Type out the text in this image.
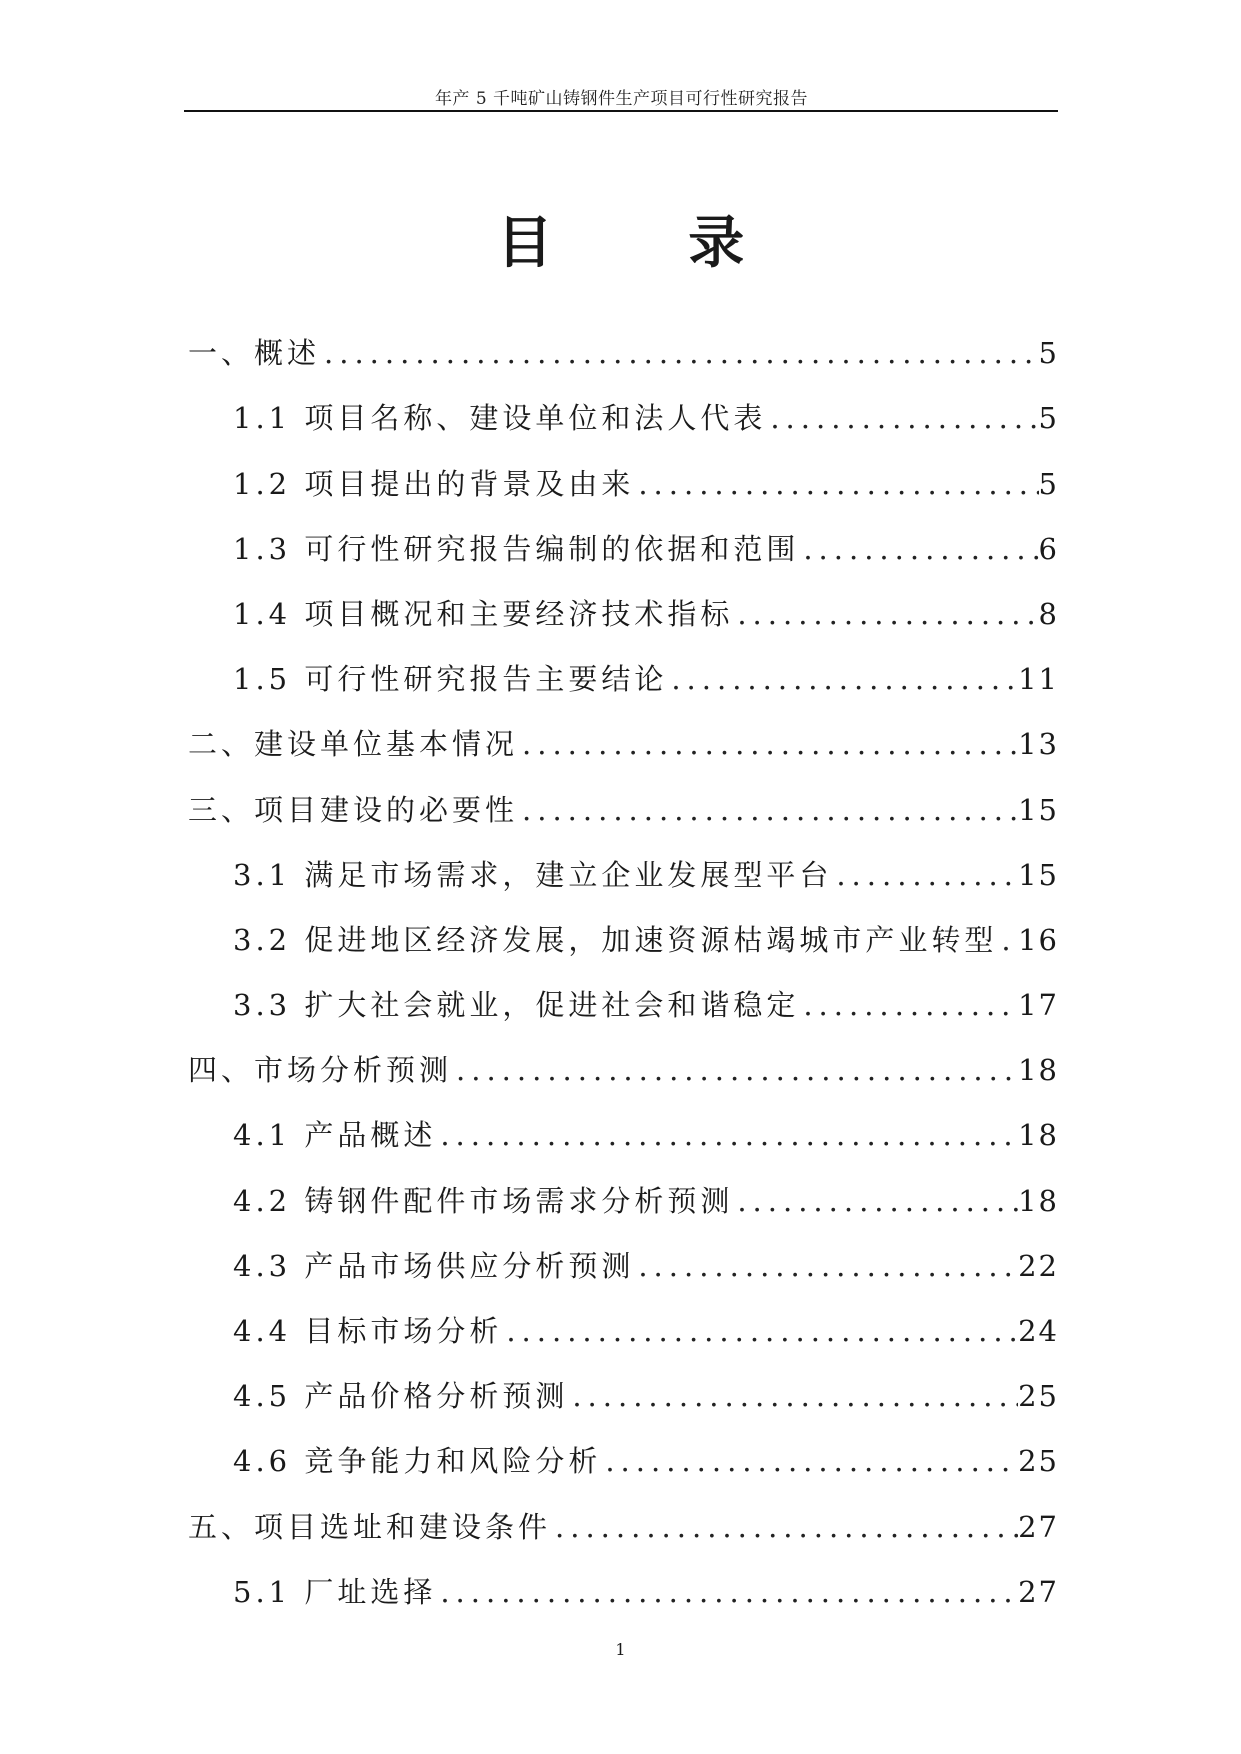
年产 5 千吨矿山铸钢件生产项目可行性研究报告
目 录
一、概述 .....	5
1.1 项目名称、建设单位和法人代表 .....	5
1.2 项目提出的背景及由来 .....	5
1.3 可行性研究报告编制的依据和范围 .....	6
1.4 项目概况和主要经济技术指标 .....	8
1.5 可行性研究报告主要结论 .....	11
二、建设单位基本情况 .....	13
三、项目建设的必要性 .....	15
3.1 满足市场需求，建立企业发展型平台 .....	15
3.2 促进地区经济发展，加速资源枯竭城市产业转型 ..... 16
3.3 扩大社会就业，促进社会和谐稳定 .....	17
四、市场分析预测 .....	18
4.1 产品概述 .....	18
4.2 铸钢件配件市场需求分析预测 .....	18
4.3 产品市场供应分析预测 .....	22
4.4 目标市场分析 .....	24
4.5 产品价格分析预测 .....	25
4.6 竞争能力和风险分析 .....	25
五、项目选址和建设条件 .....	27
5.1 厂址选择 .....	27
1
